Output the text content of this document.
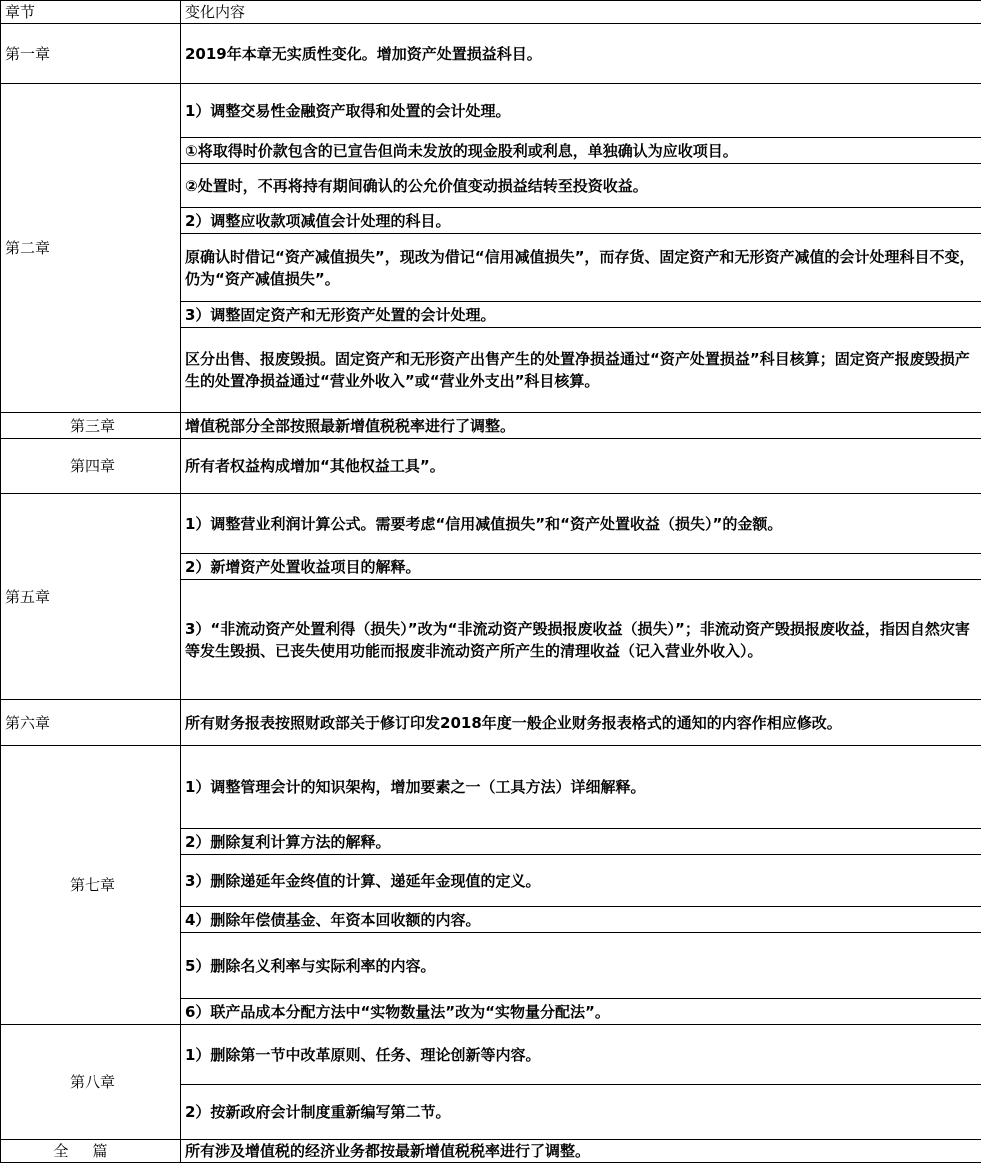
章节	变化内容
第一章	2019年本章无实质性变化。增加资产处置损益科目。
第二章	1）调整交易性金融资产取得和处置的会计处理。
	①将取得时价款包含的已宣告但尚未发放的现金股利或利息，单独确认为应收项目。
	②处置时，不再将持有期间确认的公允价值变动损益结转至投资收益。
	2）调整应收款项减值会计处理的科目。
	原确认时借记“资产减值损失”，现改为借记“信用减值损失”，而存货、固定资产和无形资产减值的会计处理科目不变，仍为“资产减值损失”。
	3）调整固定资产和无形资产处置的会计处理。
	区分出售、报废毁损。固定资产和无形资产出售产生的处置净损益通过“资产处置损益”科目核算；固定资产报废毁损产生的处置净损益通过“营业外收入”或“营业外支出”科目核算。
第三章	增值税部分全部按照最新增值税税率进行了调整。
第四章	所有者权益构成增加“其他权益工具”。
第五章	1）调整营业利润计算公式。需要考虑“信用减值损失”和“资产处置收益（损失）”的金额。
	2）新增资产处置收益项目的解释。
	3）“非流动资产处置利得（损失）”改为“非流动资产毁损报废收益（损失）”；非流动资产毁损报废收益，指因自然灾害等发生毁损、已丧失使用功能而报废非流动资产所产生的清理收益（记入营业外收入）。
第六章	所有财务报表按照财政部关于修订印发2018年度一般企业财务报表格式的通知的内容作相应修改。
第七章	1）调整管理会计的知识架构，增加要素之一（工具方法）详细解释。
	2）删除复利计算方法的解释。
	3）删除递延年金终值的计算、递延年金现值的定义。
	4）删除年偿债基金、年资本回收额的内容。
	5）删除名义利率与实际利率的内容。
	6）联产品成本分配方法中“实物数量法”改为“实物量分配法”。
第八章	1）删除第一节中改革原则、任务、理论创新等内容。
	2）按新政府会计制度重新编写第二节。
全篇	所有涉及增值税的经济业务都按最新增值税税率进行了调整。
